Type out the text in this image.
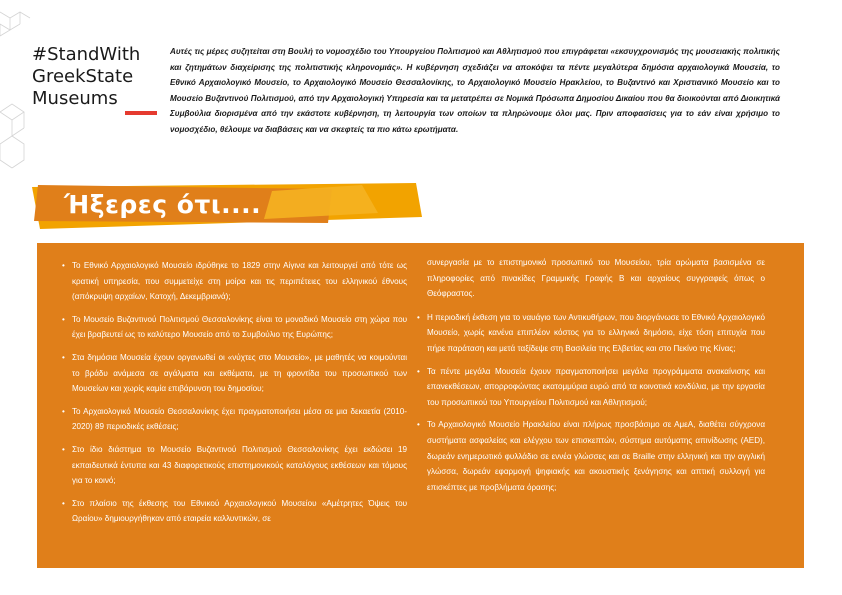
#StandWith
GreekState
Museums
Αυτές τις μέρες συζητείται στη Βουλή το νομοσχέδιο του Υπουργείου Πολιτισμού και Αθλητισμού που επιγράφεται «εκσυγχρονισμός της μουσειακής πολιτικής και ζητημάτων διαχείρισης της πολιτιστικής κληρονομιάς». Η κυβέρνηση σχεδιάζει να αποκόψει τα πέντε μεγαλύτερα δημόσια αρχαιολογικά Μουσεία, το Εθνικό Αρχαιολογικό Μουσείο, το Αρχαιολογικό Μουσείο Θεσσαλονίκης, το Αρχαιολογικό Μουσείο Ηρακλείου, το Βυζαντινό και Χριστιανικό Μουσείο και το Μουσείο Βυζαντινού Πολιτισμού, από την Αρχαιολογική Υπηρεσία και τα μετατρέπει σε Νομικά Πρόσωπα Δημοσίου Δικαίου που θα διοικούνται από Διοικητικά Συμβούλια διορισμένα από την εκάστοτε κυβέρνηση, τη λειτουργία των οποίων τα πληρώνουμε όλοι μας. Πριν αποφασίσεις για το εάν είναι χρήσιμο το νομοσχέδιο, θέλουμε να διαβάσεις και να σκεφτείς τα πιο κάτω ερωτήματα.
Ήξερες ότι....
• Το Εθνικό Αρχαιολογικό Μουσείο ιδρύθηκε το 1829 στην Αίγινα και λειτουργεί από τότε ως κρατική υπηρεσία, που συμμετείχε στη μοίρα και τις περιπέτειες του ελληνικού έθνους (απόκρυψη αρχαίων, Κατοχή, Δεκεμβριανά);
• Το Μουσείο Βυζαντινού Πολιτισμού Θεσσαλονίκης είναι το μοναδικό Μουσείο στη χώρα που έχει βραβευτεί ως το καλύτερο Μουσείο από το Συμβούλιο της Ευρώπης;
• Στα δημόσια Μουσεία έχουν οργανωθεί οι «νύχτες στο Μουσείο», με μαθητές να κοιμούνται το βράδυ ανάμεσα σε αγάλματα και εκθέματα, με τη φροντίδα του προσωπικού των Μουσείων και χωρίς καμία επιβάρυνση του δημοσίου;
• Το Αρχαιολογικό Μουσείο Θεσσαλονίκης έχει πραγματοποιήσει μέσα σε μια δεκαετία (2010-2020) 89 περιοδικές εκθέσεις;
• Στο ίδιο διάστημα το Μουσείο Βυζαντινού Πολιτισμού Θεσσαλονίκης έχει εκδώσει 19 εκπαιδευτικά έντυπα και 43 διαφορετικούς επιστημονικούς καταλόγους εκθέσεων και τόμους για το κοινό;
• Στο πλαίσιο της έκθεσης του Εθνικού Αρχαιολογικού Μουσείου «Αμέτρητες Όψεις του Ωραίου» δημιουργήθηκαν από εταιρεία καλλυντικών, σε
συνεργασία με το επιστημονικό προσωπικό του Μουσείου, τρία αρώματα βασισμένα σε πληροφορίες από πινακίδες Γραμμικής Γραφής Β και αρχαίους συγγραφείς όπως ο Θεόφραστος.
• Η περιοδική έκθεση για το ναυάγιο των Αντικυθήρων, που διοργάνωσε το Εθνικό Αρχαιολογικό Μουσείο, χωρίς κανένα επιπλέον κόστος για το ελληνικό δημόσιο, είχε τόση επιτυχία που πήρε παράταση και μετά ταξίδεψε στη Βασιλεία της Ελβετίας και στο Πεκίνο της Κίνας;
• Τα πέντε μεγάλα Μουσεία έχουν πραγματοποιήσει μεγάλα προγράμματα ανακαίνισης και επανεκθέσεων, απορροφώντας εκατομμύρια ευρώ από τα κοινοτικά κονδύλια, με την εργασία του προσωπικού του Υπουργείου Πολιτισμού και Αθλητισμού;
• Το Αρχαιολογικό Μουσείο Ηρακλείου είναι πλήρως προσβάσιμο σε ΑμεΑ, διαθέτει σύγχρονα συστήματα ασφαλείας και ελέγχου των επισκεπτών, σύστημα αυτόματης απινίδωσης (AED), δωρεάν ενημερωτικό φυλλάδιο σε εννέα γλώσσες και σε Braille στην ελληνική και την αγγλική γλώσσα, δωρεάν εφαρμογή ψηφιακής και ακουστικής ξενάγησης και απτική συλλογή για επισκέπτες με προβλήματα όρασης;
